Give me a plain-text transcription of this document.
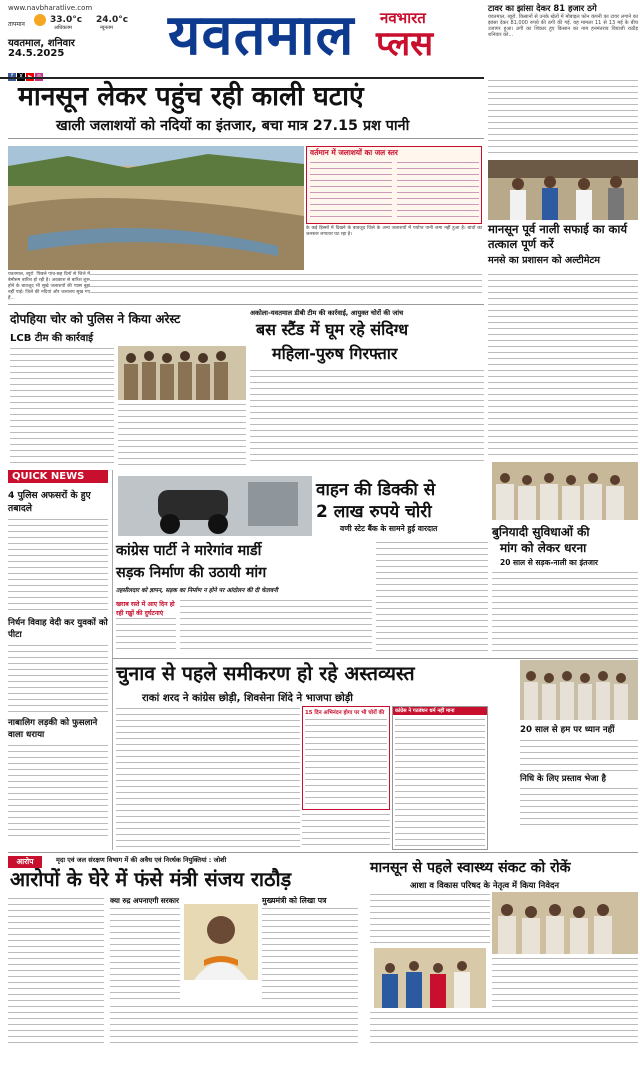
www.navbharatlive.com
तापमान	33.0°c
अधिकतम
24.0°c
न्यूनतम
यवतमाल, शनिवार
24.5.2025 यवतमाल नवभारत
प्लस
टावर का झांसा देकर 81 हजार ठगे
यवतमाल, ब्यूरो. किसानों से उनके खेतों में मोबाइल फोन कंपनी का टावर लगाने का झांसा देकर 81,000 रुपये की ठगी की गई. यह मामला 11 से 13 मई के बीच उजागर हुआ। ठगी का शिकार हुए किसान का नाम हनमंतराव वियाजी राठौड़ शनिवार को...
मानसून लेकर पहुंच रही काली घटाएं
खाली जलाशयों को नदियों का इंतजार, बचा मात्र 27.15 प्रश पानी
वर्तमान में जलाशयों का जल स्तर
के कई हिस्सों में दिखने के बावजूद जिले के अन्य जलाशयों में पर्याप्त पानी जमा नहीं हुआ है। बांधों का जलस्तर लगातार घट रहा है।
यवतमाल, ब्यूरो. पिछले पांच-छह दिनों से जिले में बेमौसम बारिश हो रही है। अवकाश से बारिश शुरू होने के बावजूद भी सूखे जलाशयों की प्यास बुझ नहीं पाई। जिले की नदियां और जलाशय सूख गए हैं...
मानसून पूर्व नाली सफाई का कार्य तत्काल पूर्ण करें
मनसे का प्रशासन को अल्टीमेटम
दोपहिया चोर को पुलिस ने किया अरेस्ट
LCB टीम की कार्रवाई
अकोला-यवतमाल डीबी टीम की कार्रवाई, आयुक्त चोरों की जांच
बस स्टैंड में घूम रहे संदिग्ध
महिला-पुरुष गिरफ्तार
QUICK NEWS
4 पुलिस अफसरों के हुए तबादले
निर्धन विवाह वेदी कर युवकों को पीटा
नाबालिग लड़की को फुसलाने वाला धराया
वाहन की डिक्की से
2 लाख रुपये चोरी
वणी स्टेट बैंक के सामने हुई वारदात
कांग्रेस पार्टी ने मारेगांव मार्डी
सड़क निर्माण की उठायी मांग
तहसीलदार को ज्ञापन, सड़क का निर्माण न होने पर आंदोलन की दी चेतावनी
खराब रस्ते में आए दिन हो रही गड्ढों की दुर्घटनाएं
बुनियादी सुविधाओं की
मांग को लेकर धरना
20 साल से सड़क-नाली का इंतजार
चुनाव से पहले समीकरण हो रहे अस्तव्यस्त
राकां शरद ने कांग्रेस छोड़ी, शिवसेना शिंदे ने भाजपा छोड़ी
15 दिन अभिनंदन होगा पर भी चोरों की	कांग्रेस ने गठबंधन धर्म नहीं माना
20 साल से हम पर ध्यान नहीं
निधि के लिए प्रस्ताव भेजा है
आरोप	मृदा एवं जल संरक्षण विभाग में की अवैध एवं निरर्थक नियुक्तियां : जोशी
आरोपों के घेरे में फंसे मंत्री संजय राठौड़
क्या रुद्र अपनाएगी सरकार	मुख्यमंत्री को लिखा पत्र
मानसून से पहले स्वास्थ्य संकट को रोकें
आशा व विकास परिषद के नेतृत्व में किया निवेदन
